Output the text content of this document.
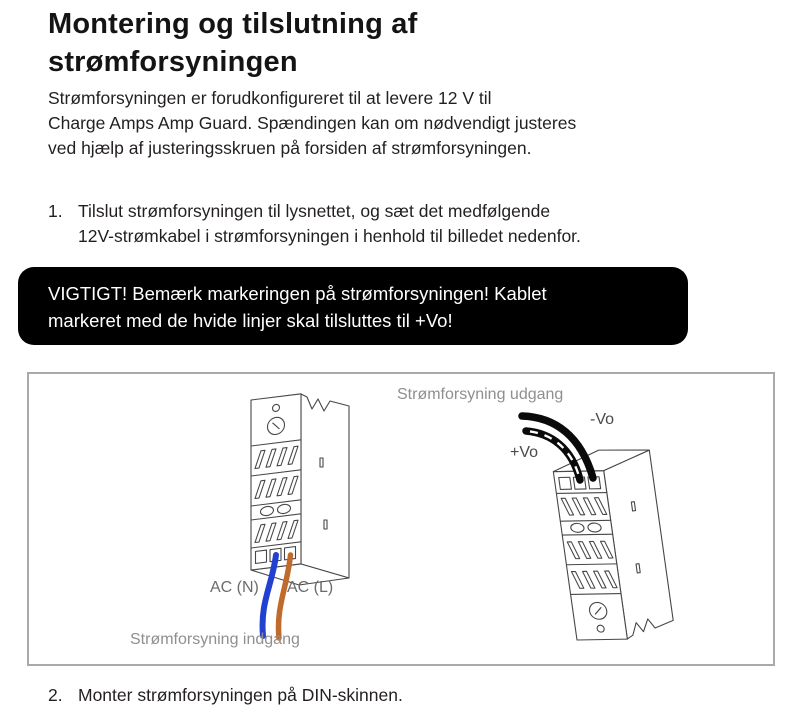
Montering og tilslutning af
strømforsyningen
Strømforsyningen er forudkonfigureret til at levere 12 V til
Charge Amps Amp Guard. Spændingen kan om nødvendigt justeres
ved hjælp af justeringsskruen på forsiden af strømforsyningen.
1. Tilslut strømforsyningen til lysnettet, og sæt det medfølgende
12V-strømkabel i strømforsyningen i henhold til billedet nedenfor.
VIGTIGT! Bemærk markeringen på strømforsyningen! Kablet
markeret med de hvide linjer skal tilsluttes til +Vo!
Strømforsyning udgang
-Vo
+Vo
AC (N) AC (L)
Strømforsyning indgang
2. Monter strømforsyningen på DIN-skinnen.
